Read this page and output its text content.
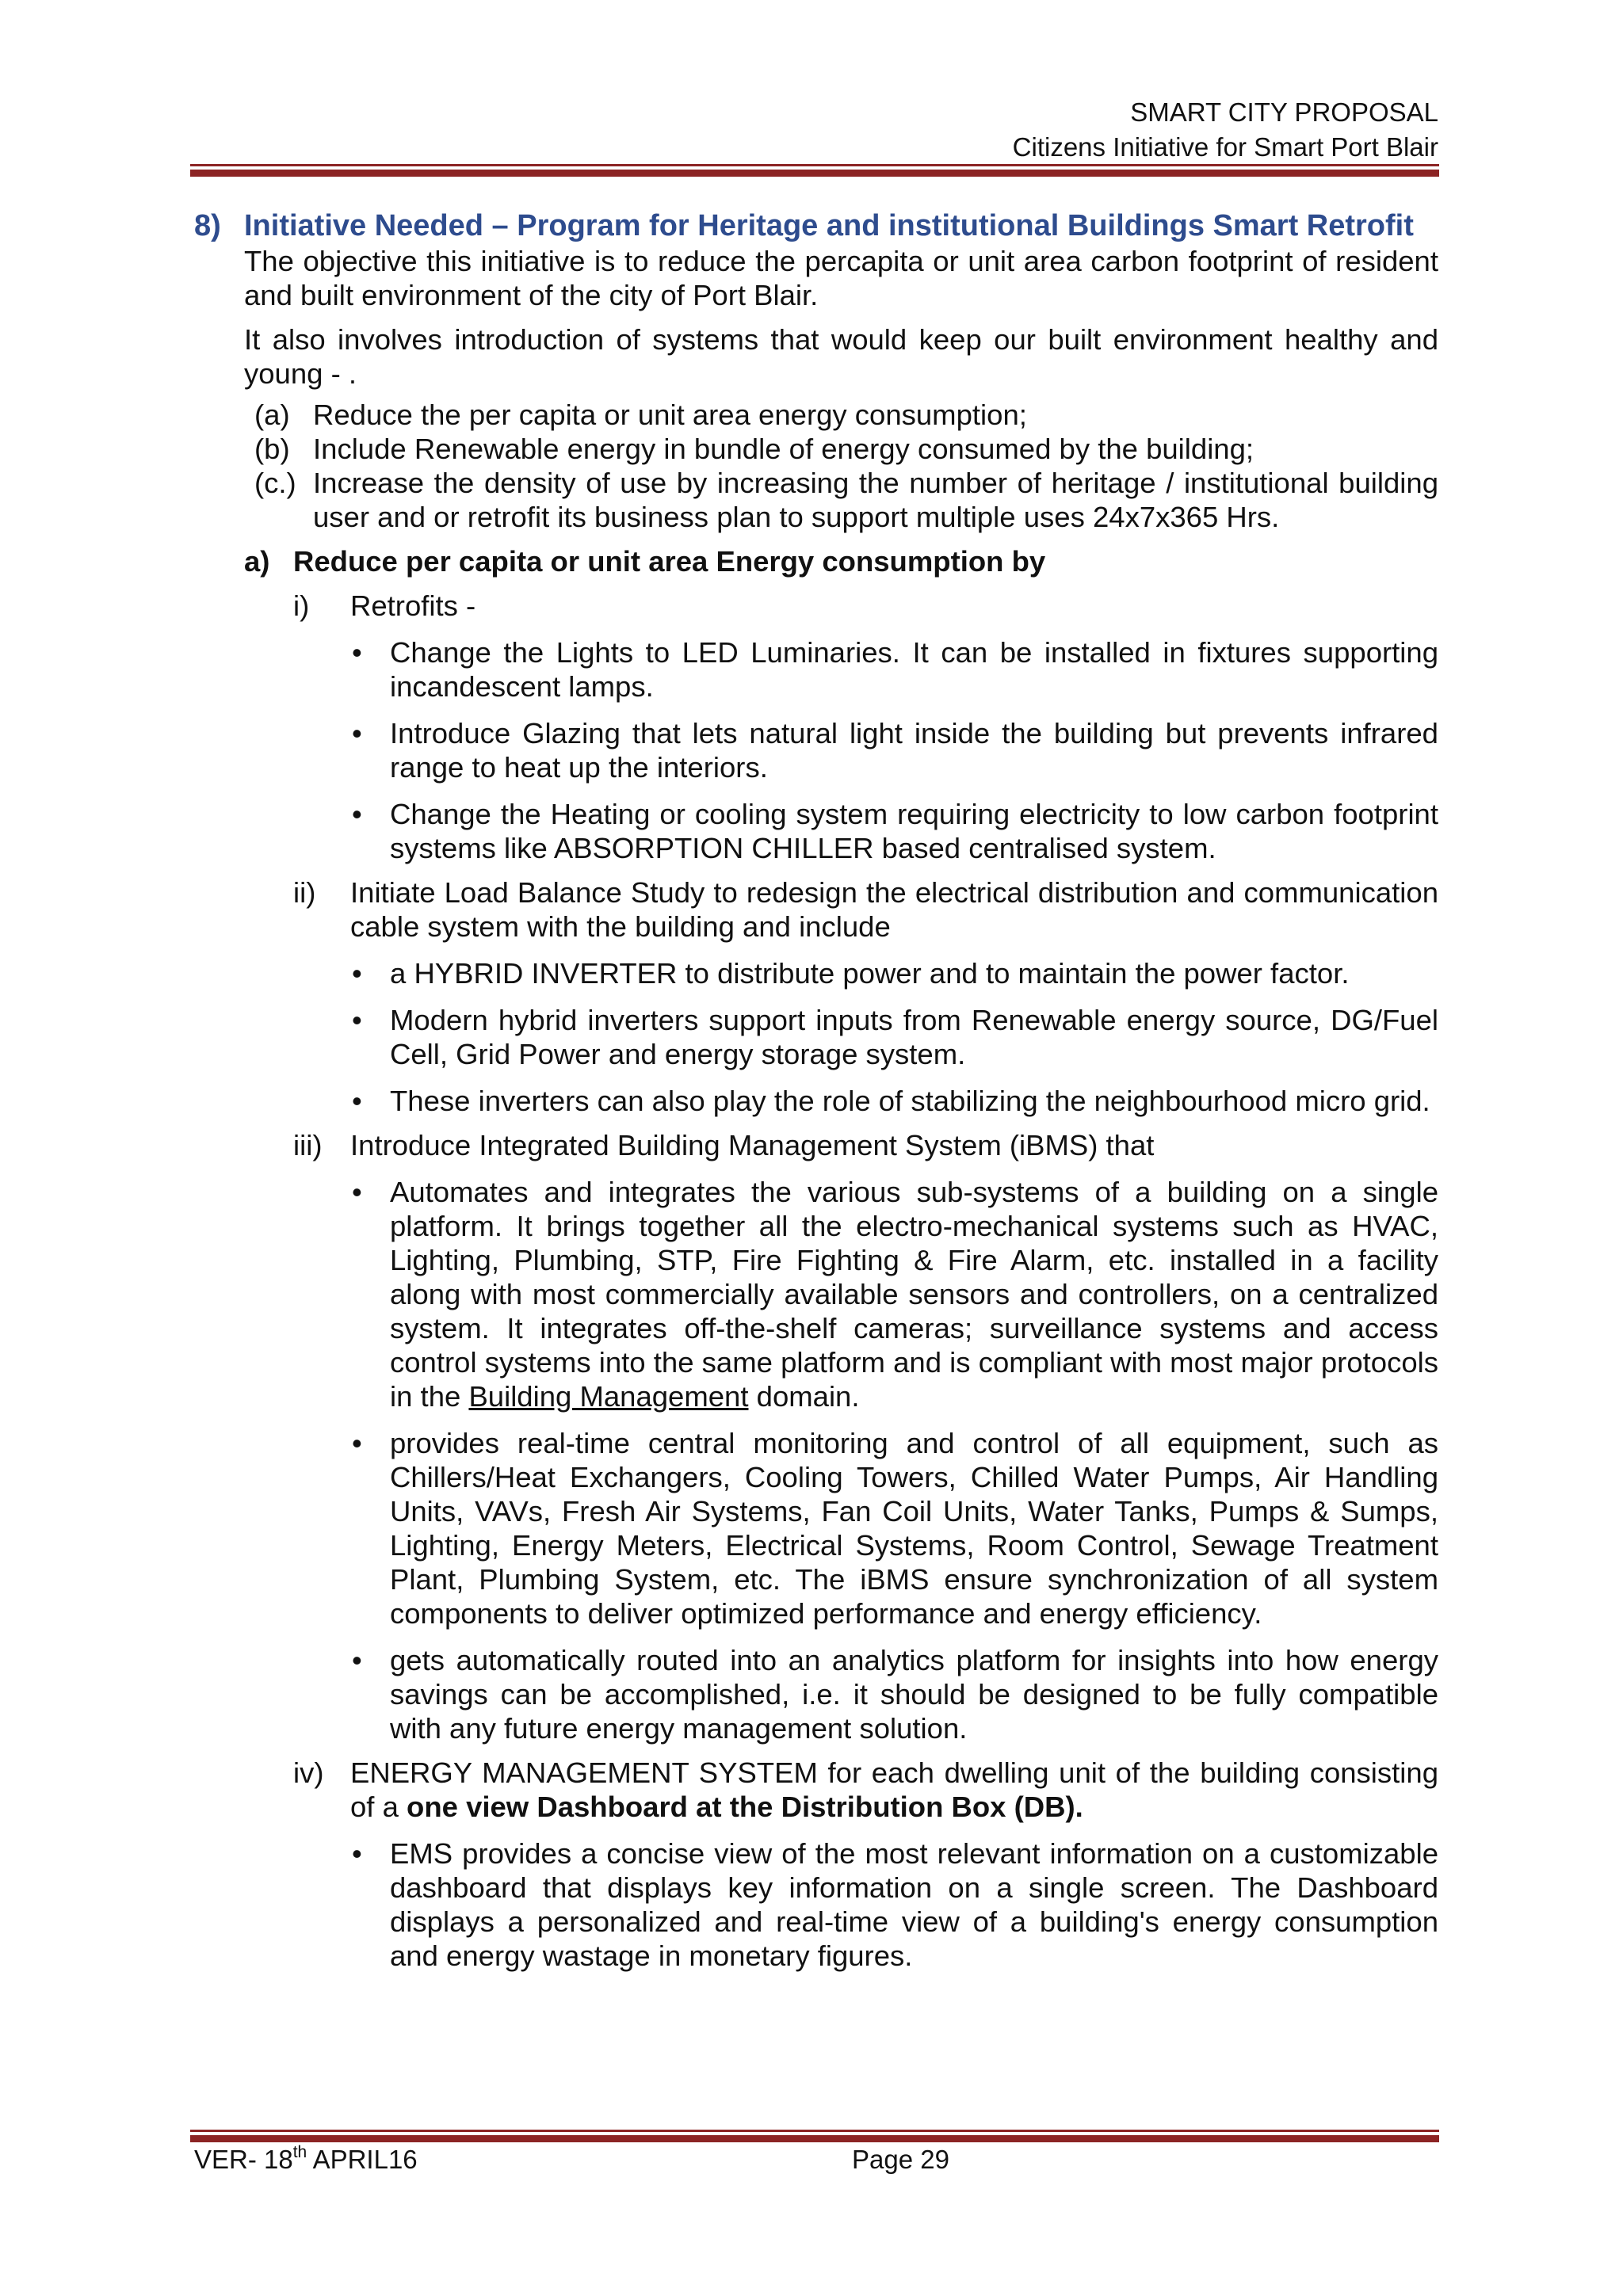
SMART CITY PROPOSAL
Citizens Initiative for Smart Port Blair
8) Initiative Needed – Program for Heritage and institutional Buildings Smart Retrofit
The objective this initiative is to reduce the percapita or unit area carbon footprint of resident and built environment of the city of Port Blair.
It also involves introduction of systems that would keep our built environment healthy and young - .
(a) Reduce the per capita or unit area energy consumption;
(b) Include Renewable energy in bundle of energy consumed by the building;
(c.) Increase the density of use by increasing the number of heritage / institutional building user and or retrofit its business plan to support multiple uses 24x7x365 Hrs.
a) Reduce per capita or unit area Energy consumption by
i)	Retrofits -
• Change the Lights to LED Luminaries. It can be installed in fixtures supporting incandescent lamps.
• Introduce Glazing that lets natural light inside the building but prevents infrared range to heat up the interiors.
• Change the Heating or cooling system requiring electricity to low carbon footprint systems like ABSORPTION CHILLER based centralised system.
ii)	Initiate Load Balance Study to redesign the electrical distribution and communication cable system with the building and include
• a HYBRID INVERTER to distribute power and to maintain the power factor.
• Modern hybrid inverters support inputs from Renewable energy source, DG/Fuel Cell, Grid Power and energy storage system.
• These inverters can also play the role of stabilizing the neighbourhood micro grid.
iii) Introduce Integrated Building Management System (iBMS) that
• Automates and integrates the various sub-systems of a building on a single platform. It brings together all the electro-mechanical systems such as HVAC, Lighting, Plumbing, STP, Fire Fighting & Fire Alarm, etc. installed in a facility along with most commercially available sensors and controllers, on a centralized system. It integrates off-the-shelf cameras; surveillance systems and access control systems into the same platform and is compliant with most major protocols in the Building Management domain.
• provides real-time central monitoring and control of all equipment, such as Chillers/Heat Exchangers, Cooling Towers, Chilled Water Pumps, Air Handling Units, VAVs, Fresh Air Systems, Fan Coil Units, Water Tanks, Pumps & Sumps, Lighting, Energy Meters, Electrical Systems, Room Control, Sewage Treatment Plant, Plumbing System, etc. The iBMS ensure synchronization of all system components to deliver optimized performance and energy efficiency.
• gets automatically routed into an analytics platform for insights into how energy savings can be accomplished, i.e. it should be designed to be fully compatible with any future energy management solution.
iv) ENERGY MANAGEMENT SYSTEM for each dwelling unit of the building consisting of a one view Dashboard at the Distribution Box (DB).
• EMS provides a concise view of the most relevant information on a customizable dashboard that displays key information on a single screen. The Dashboard displays a personalized and real-time view of a building's energy consumption and energy wastage in monetary figures.
VER- 18th APRIL16	Page 29
